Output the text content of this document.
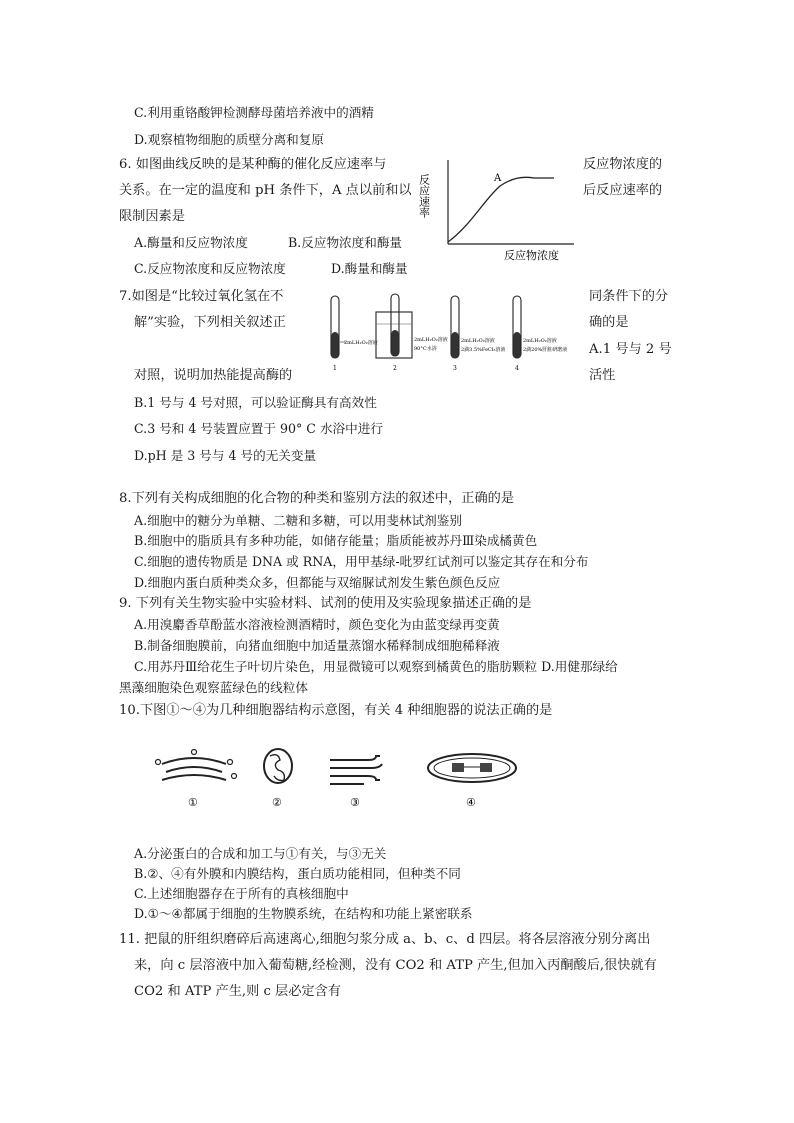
C.利用重铬酸钾检测酵母菌培养液中的酒精
D.观察植物细胞的质壁分离和复原
6. 如图曲线反映的是某种酶的催化反应速率与	反应物浓度的
关系。在一定的温度和 pH 条件下，A 点以前和以	后反应速率的
限制因素是
A.酶量和反应物浓度	B.反应物浓度和酶量
C.反应物浓度和反应物浓度	D.酶量和酶量
反应速率	A
反应物浓度
7.如图是“比较过氧化氢在不	同条件下的分
解”实验，下列相关叙述正	确的是
A.1 号与 2 号
对照，说明加热能提高酶的	活性
B.1 号与 4 号对照，可以验证酶具有高效性
C.3 号和 4 号装置应置于 90° C 水浴中进行
D.pH 是 3 号与 4 号的无关变量
2mLH₂O₂溶液
1
2mLH₂O₂溶液
90°C水浴
2
2mLH₂O₂溶液
2滴3.5%FeCl₃溶液
3
2mLH₂O₂溶液
2滴20%肝脏研磨液
4
8.下列有关构成细胞的化合物的种类和鉴别方法的叙述中，正确的是
A.细胞中的糖分为单糖、二糖和多糖，可以用斐林试剂鉴别
B.细胞中的脂质具有多种功能，如储存能量；脂质能被苏丹Ⅲ染成橘黄色
C.细胞的遗传物质是 DNA 或 RNA，用甲基绿-吡罗红试剂可以鉴定其存在和分布
D.细胞内蛋白质种类众多，但都能与双缩脲试剂发生紫色颜色反应
9. 下列有关生物实验中实验材料、试剂的使用及实验现象描述正确的是
A.用溴麝香草酚蓝水溶液检测酒精时，颜色变化为由蓝变绿再变黄
B.制备细胞膜前，向猪血细胞中加适量蒸馏水稀释制成细胞稀释液
C.用苏丹Ⅲ给花生子叶切片染色，用显微镜可以观察到橘黄色的脂肪颗粒 D.用健那绿给
黑藻细胞染色观察蓝绿色的线粒体
10.下图①～④为几种细胞器结构示意图，有关 4 种细胞器的说法正确的是
①	②	③	④
A.分泌蛋白的合成和加工与①有关，与③无关
B.②、④有外膜和内膜结构，蛋白质功能相同，但种类不同
C.上述细胞器存在于所有的真核细胞中
D.①～④都属于细胞的生物膜系统，在结构和功能上紧密联系
11. 把鼠的肝组织磨碎后高速离心,细胞匀浆分成 a、b、c、d 四层。将各层溶液分别分离出
来，向 c 层溶液中加入葡萄糖,经检测，没有 CO2 和 ATP 产生,但加入丙酮酸后,很快就有
CO2 和 ATP 产生,则 c 层必定含有
